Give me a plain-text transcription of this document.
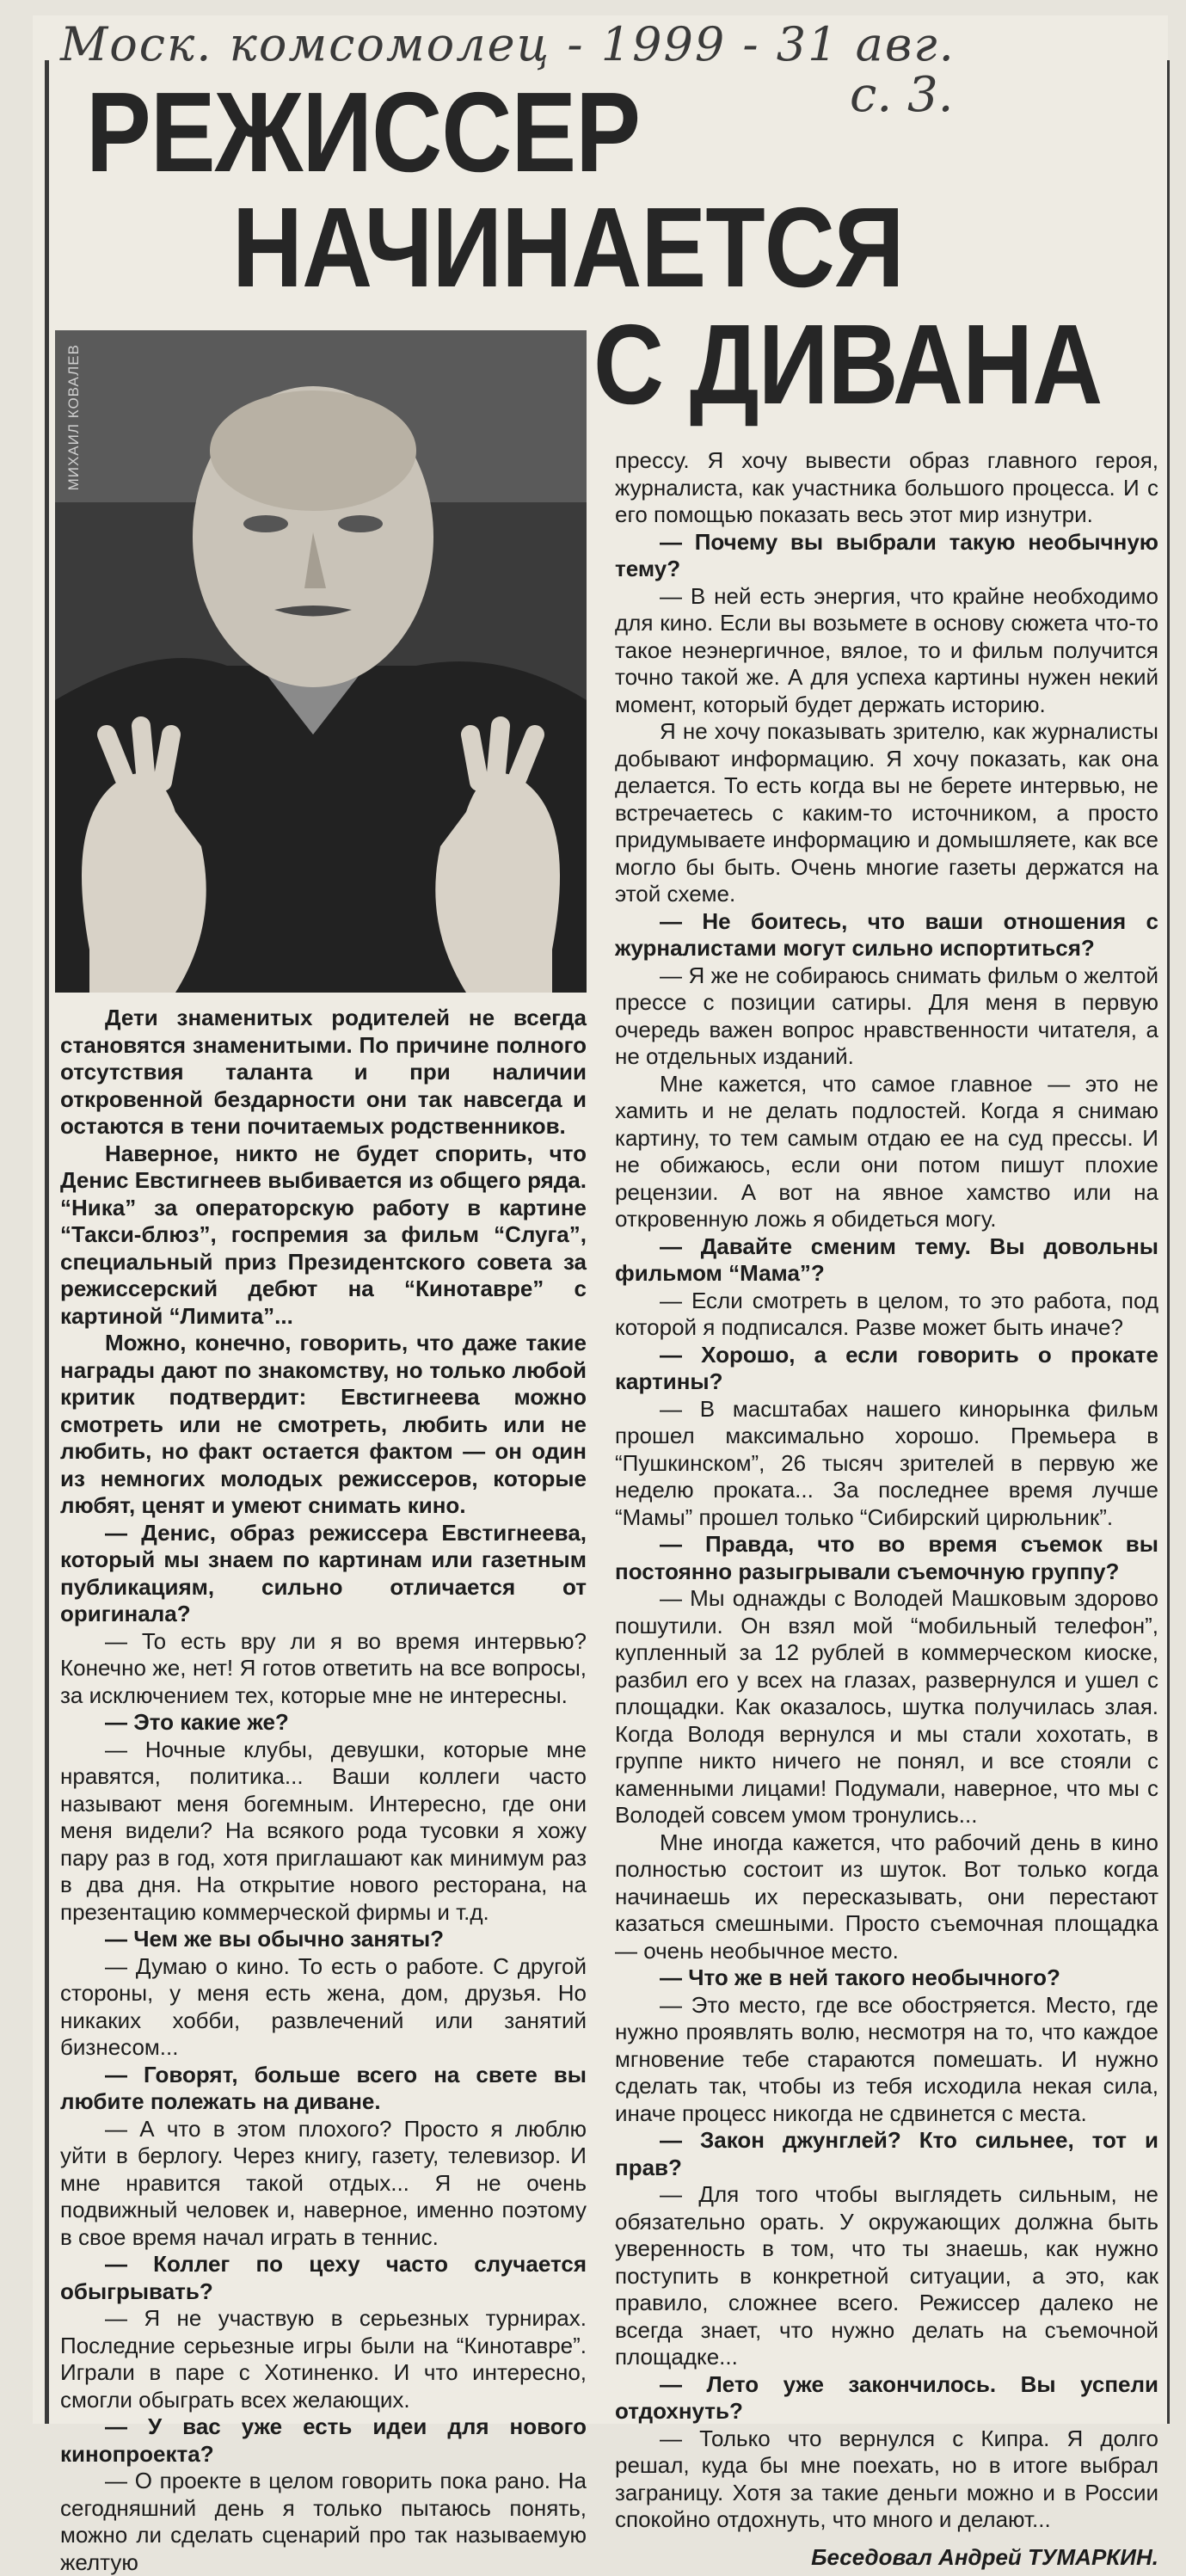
Моск. комсомолец - 1999 - 31 авг.
с. 3.
РЕЖИССЕР
НАЧИНАЕТСЯ
С ДИВАНА
МИХАИЛ КОВАЛЕВ

Дети знаменитых родителей не всегда становятся знаменитыми. По причине полного отсутствия таланта и при наличии откровенной бездарности они так навсегда и остаются в тени почитаемых родственников.

Наверное, никто не будет спорить, что Денис Евстигнеев выбивается из общего ряда. “Ника” за операторскую работу в картине “Такси-блюз”, госпремия за фильм “Слуга”, специальный приз Президентского совета за режиссерский дебют на “Кинотавре” с картиной “Лимита”...

Можно, конечно, говорить, что даже такие награды дают по знакомству, но только любой критик подтвердит: Евстигнеева можно смотреть или не смотреть, любить или не любить, но факт остается фактом — он один из немногих молодых режиссеров, которые любят, ценят и умеют снимать кино.

— Денис, образ режиссера Евстигнеева, который мы знаем по картинам или газетным публикациям, сильно отличается от оригинала?

— То есть вру ли я во время интервью? Конечно же, нет! Я готов ответить на все вопросы, за исключением тех, которые мне не интересны.

— Это какие же?

— Ночные клубы, девушки, которые мне нравятся, политика... Ваши коллеги часто называют меня богемным. Интересно, где они меня видели? На всякого рода тусовки я хожу пару раз в год, хотя приглашают как минимум раз в два дня. На открытие нового ресторана, на презентацию коммерческой фирмы и т.д.

— Чем же вы обычно заняты?

— Думаю о кино. То есть о работе. С другой стороны, у меня есть жена, дом, друзья. Но никаких хобби, развлечений или занятий бизнесом...

— Говорят, больше всего на свете вы любите полежать на диване.

— А что в этом плохого? Просто я люблю уйти в берлогу. Через книгу, газету, телевизор. И мне нравится такой отдых... Я не очень подвижный человек и, наверное, именно поэтому в свое время начал играть в теннис.

— Коллег по цеху часто случается обыгрывать?

— Я не участвую в серьезных турнирах. Последние серьезные игры были на “Кинотавре”. Играли в паре с Хотиненко. И что интересно, смогли обыграть всех желающих.

— У вас уже есть идеи для нового кинопроекта?

— О проекте в целом говорить пока рано. На сегодняшний день я только пытаюсь понять, можно ли сделать сценарий про так называемую желтую

прессу. Я хочу вывести образ главного героя, журналиста, как участника большого процесса. И с его помощью показать весь этот мир изнутри.

— Почему вы выбрали такую необычную тему?

— В ней есть энергия, что крайне необходимо для кино. Если вы возьмете в основу сюжета что-то такое неэнергичное, вялое, то и фильм получится точно такой же. А для успеха картины нужен некий момент, который будет держать историю.

Я не хочу показывать зрителю, как журналисты добывают информацию. Я хочу показать, как она делается. То есть когда вы не берете интервью, не встречаетесь с каким-то источником, а просто придумываете информацию и домышляете, как все могло бы быть. Очень многие газеты держатся на этой схеме.

— Не боитесь, что ваши отношения с журналистами могут сильно испортиться?

— Я же не собираюсь снимать фильм о желтой прессе с позиции сатиры. Для меня в первую очередь важен вопрос нравственности читателя, а не отдельных изданий.

Мне кажется, что самое главное — это не хамить и не делать подлостей. Когда я снимаю картину, то тем самым отдаю ее на суд прессы. И не обижаюсь, если они потом пишут плохие рецензии. А вот на явное хамство или на откровенную ложь я обидеться могу.

— Давайте сменим тему. Вы довольны фильмом “Мама”?

— Если смотреть в целом, то это работа, под которой я подписался. Разве может быть иначе?

— Хорошо, а если говорить о прокате картины?

— В масштабах нашего кинорынка фильм прошел максимально хорошо. Премьера в “Пушкинском”, 26 тысяч зрителей в первую же неделю проката... За последнее время лучше “Мамы” прошел только “Сибирский цирюльник”.

— Правда, что во время съемок вы постоянно разыгрывали съемочную группу?

— Мы однажды с Володей Машковым здорово пошутили. Он взял мой “мобильный телефон”, купленный за 12 рублей в коммерческом киоске, разбил его у всех на глазах, развернулся и ушел с площадки. Как оказалось, шутка получилась злая. Когда Володя вернулся и мы стали хохотать, в группе никто ничего не понял, и все стояли с каменными лицами! Подумали, наверное, что мы с Володей совсем умом тронулись...

Мне иногда кажется, что рабочий день в кино полностью состоит из шуток. Вот только когда начинаешь их пересказывать, они перестают казаться смешными. Просто съемочная площадка — очень необычное место.

— Что же в ней такого необычного?

— Это место, где все обостряется. Место, где нужно проявлять волю, несмотря на то, что каждое мгновение тебе стараются помешать. И нужно сделать так, чтобы из тебя исходила некая сила, иначе процесс никогда не сдвинется с места.

— Закон джунглей? Кто сильнее, тот и прав?

— Для того чтобы выглядеть сильным, не обязательно орать. У окружающих должна быть уверенность в том, что ты знаешь, как нужно поступить в конкретной ситуации, а это, как правило, сложнее всего. Режиссер далеко не всегда знает, что нужно делать на съемочной площадке...

— Лето уже закончилось. Вы успели отдохнуть?

— Только что вернулся с Кипра. Я долго решал, куда бы мне поехать, но в итоге выбрал заграницу. Хотя за такие деньги можно и в России спокойно отдохнуть, что много и делают...

Беседовал Андрей ТУМАРКИН.
